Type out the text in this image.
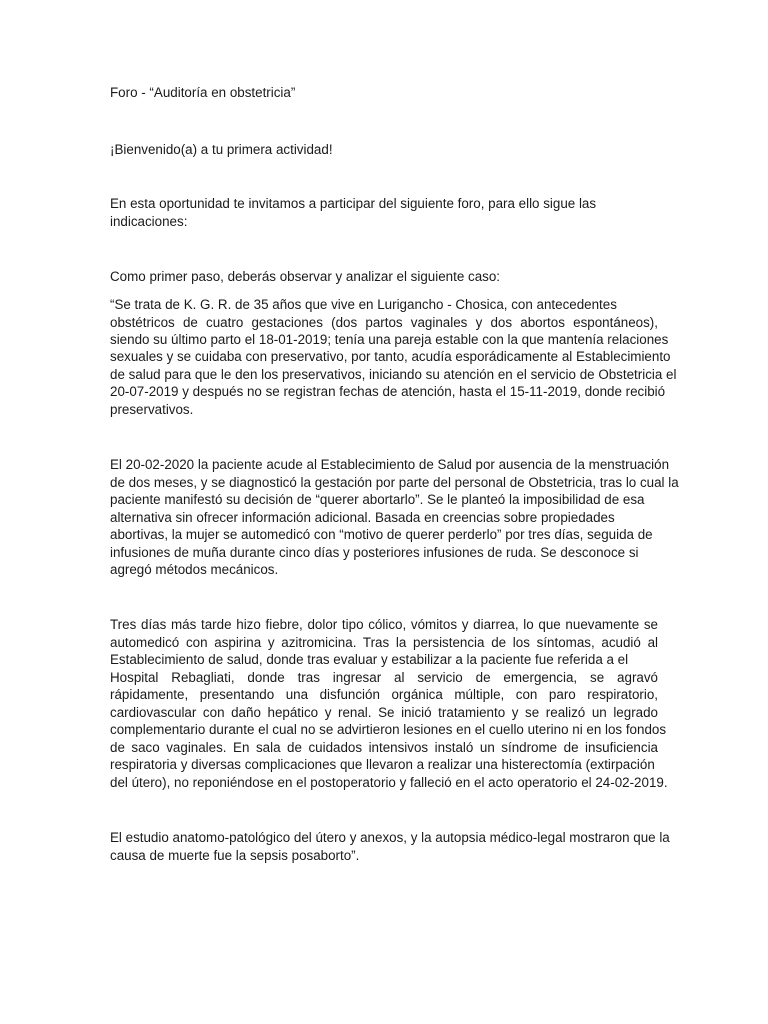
Foro - “Auditoría en obstetricia”

¡Bienvenido(a) a tu primera actividad!

En esta oportunidad te invitamos a participar del siguiente foro, para ello sigue las

indicaciones:

Como primer paso, deberás observar y analizar el siguiente caso:

“Se trata de K. G. R. de 35 años que vive en Lurigancho - Chosica, con antecedentes

obstétricos de cuatro gestaciones (dos partos vaginales y dos abortos espontáneos),

siendo su último parto el 18-01-2019; tenía una pareja estable con la que mantenía relaciones

sexuales y se cuidaba con preservativo, por tanto, acudía esporádicamente al Establecimiento

de salud para que le den los preservativos, iniciando su atención en el servicio de Obstetricia el

20-07-2019 y después no se registran fechas de atención, hasta el 15-11-2019, donde recibió

preservativos.

El 20-02-2020 la paciente acude al Establecimiento de Salud por ausencia de la menstruación

de dos meses, y se diagnosticó la gestación por parte del personal de Obstetricia, tras lo cual la

paciente manifestó su decisión de “querer abortarlo”. Se le planteó la imposibilidad de esa

alternativa sin ofrecer información adicional. Basada en creencias sobre propiedades

abortivas, la mujer se automedicó con “motivo de querer perderlo” por tres días, seguida de

infusiones de muña durante cinco días y posteriores infusiones de ruda. Se desconoce si

agregó métodos mecánicos.

Tres días más tarde hizo fiebre, dolor tipo cólico, vómitos y diarrea, lo que nuevamente se

automedicó con aspirina y azitromicina. Tras la persistencia de los síntomas, acudió al

Establecimiento de salud, donde tras evaluar y estabilizar a la paciente fue referida a el

Hospital Rebagliati, donde tras ingresar al servicio de emergencia, se agravó

rápidamente, presentando una disfunción orgánica múltiple, con paro respiratorio,

cardiovascular con daño hepático y renal. Se inició tratamiento y se realizó un legrado

complementario durante el cual no se advirtieron lesiones en el cuello uterino ni en los fondos

de saco vaginales. En sala de cuidados intensivos instaló un síndrome de insuficiencia

respiratoria y diversas complicaciones que llevaron a realizar una histerectomía (extirpación

del útero), no reponiéndose en el postoperatorio y falleció en el acto operatorio el 24-02-2019.

El estudio anatomo-patológico del útero y anexos, y la autopsia médico-legal mostraron que la

causa de muerte fue la sepsis posaborto”.
